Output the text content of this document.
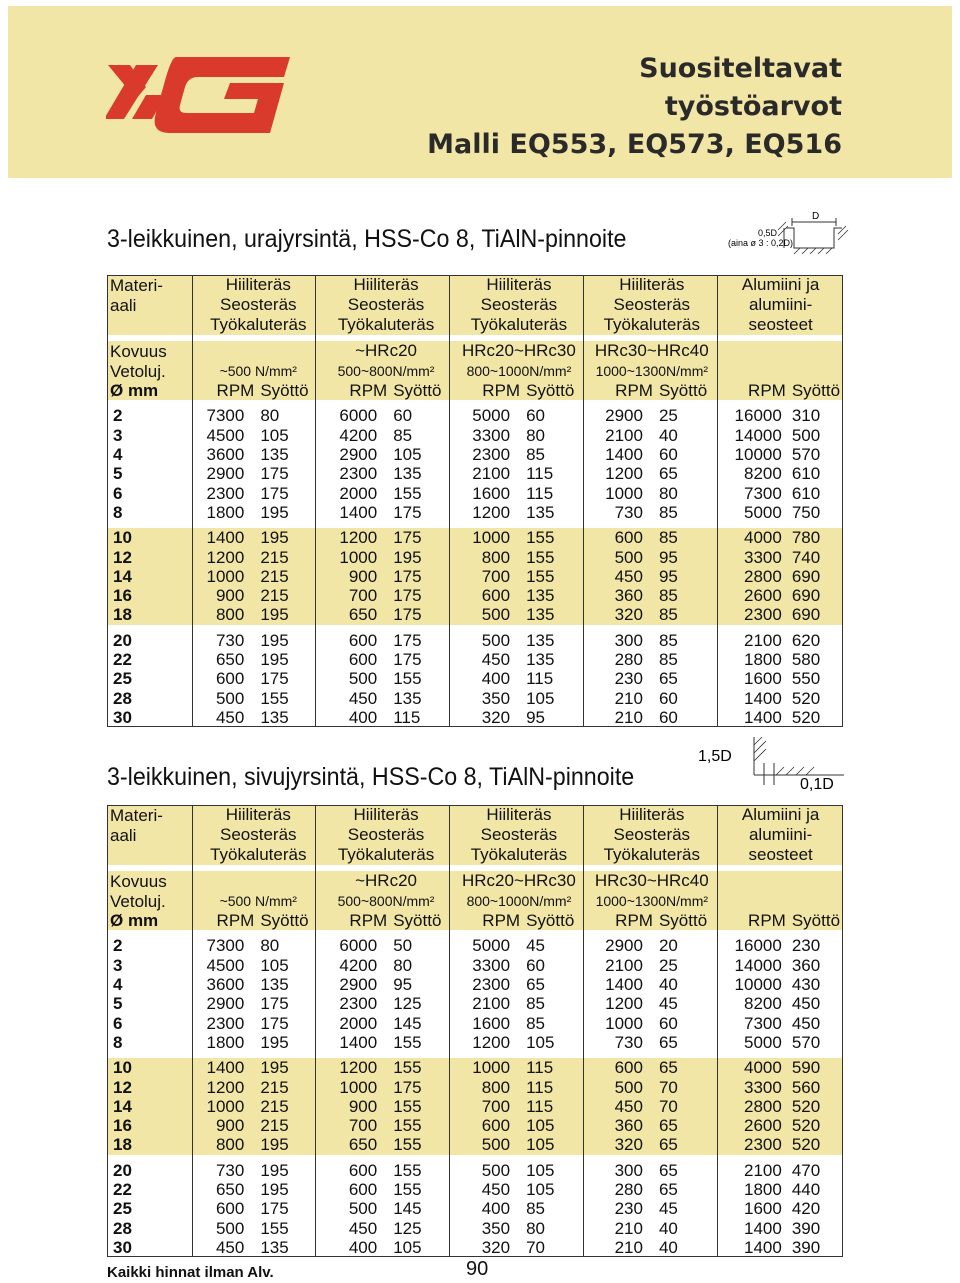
Suositeltavat
työstöarvot
Malli EQ553, EQ573, EQ516
3-leikkuinen, urajyrsintä, HSS-Co 8, TiAlN-pinnoite
D
0,5D
(aina ø 3 : 0,2D)
Materi-	Hiiliteräs		Hiiliteräs		Hiiliteräs		Hiiliteräs		Alumiini ja	
aali	Seosteräs		Seosteräs		Seosteräs		Seosteräs		alumiini-	
	Työkaluteräs		Työkaluteräs		Työkaluteräs		Työkaluteräs		seosteet	

Kovuus			~HRc20		HRc20~HRc30		HRc30~HRc40			
Vetoluj.	~500 N/mm²		500~800N/mm²		800~1000N/mm²		1000~1300N/mm²			
Ø mm	RPM	Syöttö	RPM	Syöttö	RPM	Syöttö	RPM	Syöttö	RPM	Syöttö

2	7300	80	6000	60	5000	60	2900	25	16000	310
3	4500	105	4200	85	3300	80	2100	40	14000	500
4	3600	135	2900	105	2300	85	1400	60	10000	570
5	2900	175	2300	135	2100	115	1200	65	8200	610
6	2300	175	2000	155	1600	115	1000	80	7300	610
8	1800	195	1400	175	1200	135	730	85	5000	750

10	1400	195	1200	175	1000	155	600	85	4000	780
12	1200	215	1000	195	800	155	500	95	3300	740
14	1000	215	900	175	700	155	450	95	2800	690
16	900	215	700	175	600	135	360	85	2600	690
18	800	195	650	175	500	135	320	85	2300	690

20	730	195	600	175	500	135	300	85	2100	620
22	650	195	600	175	450	135	280	85	1800	580
25	600	175	500	155	400	115	230	65	1600	550
28	500	155	450	135	350	105	210	60	1400	520
30	450	135	400	115	320	95	210	60	1400	520
3-leikkuinen, sivujyrsintä, HSS-Co 8, TiAlN-pinnoite
1,5D
0,1D
Materi-	Hiiliteräs		Hiiliteräs		Hiiliteräs		Hiiliteräs		Alumiini ja	
aali	Seosteräs		Seosteräs		Seosteräs		Seosteräs		alumiini-	
	Työkaluteräs		Työkaluteräs		Työkaluteräs		Työkaluteräs		seosteet	

Kovuus			~HRc20		HRc20~HRc30		HRc30~HRc40			
Vetoluj.	~500 N/mm²		500~800N/mm²		800~1000N/mm²		1000~1300N/mm²			
Ø mm	RPM	Syöttö	RPM	Syöttö	RPM	Syöttö	RPM	Syöttö	RPM	Syöttö

2	7300	80	6000	50	5000	45	2900	20	16000	230
3	4500	105	4200	80	3300	60	2100	25	14000	360
4	3600	135	2900	95	2300	65	1400	40	10000	430
5	2900	175	2300	125	2100	85	1200	45	8200	450
6	2300	175	2000	145	1600	85	1000	60	7300	450
8	1800	195	1400	155	1200	105	730	65	5000	570

10	1400	195	1200	155	1000	115	600	65	4000	590
12	1200	215	1000	175	800	115	500	70	3300	560
14	1000	215	900	155	700	115	450	70	2800	520
16	900	215	700	155	600	105	360	65	2600	520
18	800	195	650	155	500	105	320	65	2300	520

20	730	195	600	155	500	105	300	65	2100	470
22	650	195	600	155	450	105	280	65	1800	440
25	600	175	500	145	400	85	230	45	1600	420
28	500	155	450	125	350	80	210	40	1400	390
30	450	135	400	105	320	70	210	40	1400	390
Kaikki hinnat ilman Alv.	90
